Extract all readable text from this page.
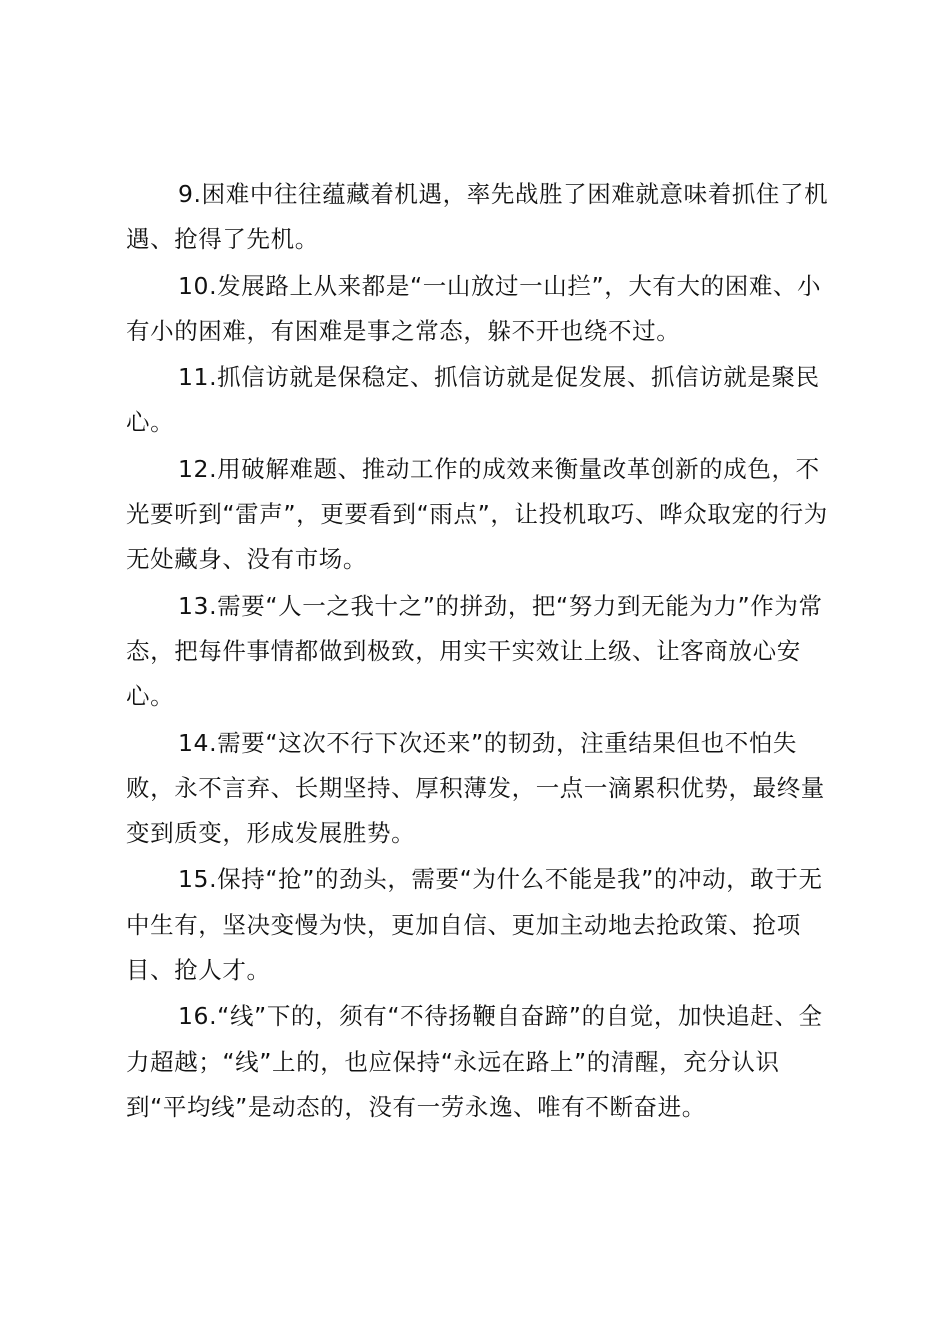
9.困难中往往蕴藏着机遇，率先战胜了困难就意味着抓住了机遇、抢得了先机。

10.发展路上从来都是“一山放过一山拦”，大有大的困难、小有小的困难，有困难是事之常态，躲不开也绕不过。

11.抓信访就是保稳定、抓信访就是促发展、抓信访就是聚民心。

12.用破解难题、推动工作的成效来衡量改革创新的成色，不光要听到“雷声”，更要看到“雨点”，让投机取巧、哗众取宠的行为无处藏身、没有市场。

13.需要“人一之我十之”的拼劲，把“努力到无能为力”作为常态，把每件事情都做到极致，用实干实效让上级、让客商放心安心。

14.需要“这次不行下次还来”的韧劲，注重结果但也不怕失败，永不言弃、长期坚持、厚积薄发，一点一滴累积优势，最终量变到质变，形成发展胜势。

15.保持“抢”的劲头，需要“为什么不能是我”的冲动，敢于无中生有，坚决变慢为快，更加自信、更加主动地去抢政策、抢项目、抢人才。

16.“线”下的，须有“不待扬鞭自奋蹄”的自觉，加快追赶、全力超越；“线”上的，也应保持“永远在路上”的清醒，充分认识到“平均线”是动态的，没有一劳永逸、唯有不断奋进。
